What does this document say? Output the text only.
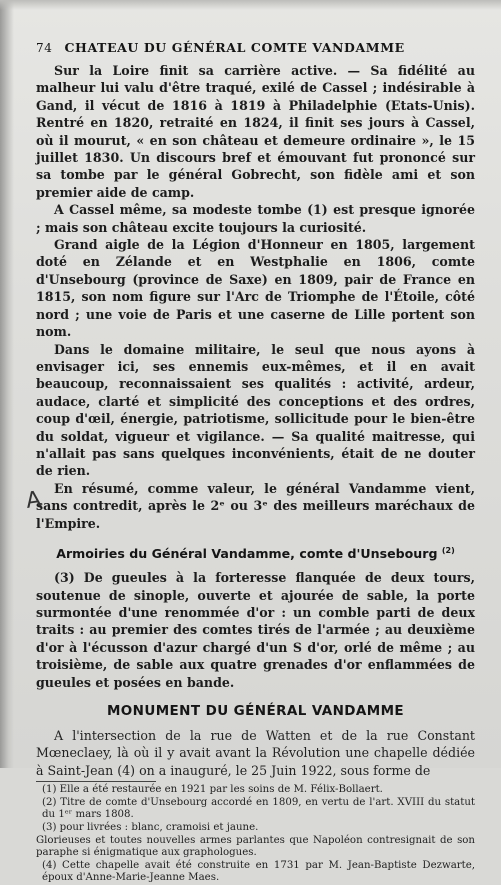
74 CHATEAU DU GÉNÉRAL COMTE VANDAMME

Sur la Loire finit sa carrière active. — Sa fidélité au malheur lui valu d'être traqué, exilé de Cassel ; indésirable à Gand, il vécut de 1816 à 1819 à Philadelphie (Etats-Unis). Rentré en 1820, retraité en 1824, il finit ses jours à Cassel, où il mourut, « en son château et demeure ordinaire », le 15 juillet 1830. Un discours bref et émouvant fut prononcé sur sa tombe par le général Gobrecht, son fidèle ami et son premier aide de camp.

A Cassel même, sa modeste tombe (1) est presque ignorée ; mais son château excite toujours la curiosité.

Grand aigle de la Légion d'Honneur en 1805, largement doté en Zélande et en Westphalie en 1806, comte d'Unsebourg (province de Saxe) en 1809, pair de France en 1815, son nom figure sur l'Arc de Triomphe de l'Étoile, côté nord ; une voie de Paris et une caserne de Lille portent son nom.

Dans le domaine militaire, le seul que nous ayons à envisager ici, ses ennemis eux-mêmes, et il en avait beaucoup, reconnaissaient ses qualités : activité, ardeur, audace, clarté et simplicité des conceptions et des ordres, coup d'œil, énergie, patriotisme, sollicitude pour le bien-être du soldat, vigueur et vigilance. — Sa qualité maitresse, qui n'allait pas sans quelques inconvénients, était de ne douter de rien.

En résumé, comme valeur, le général Vandamme vient, sans contredit, après le 2ᵉ ou 3ᵉ des meilleurs maréchaux de l'Empire.

Armoiries du Général Vandamme, comte d'Unsebourg $^{(2)}$
A

(3) De gueules à la forteresse flanquée de deux tours, soutenue de sinople, ouverte et ajourée de sable, la porte surmontée d'une renommée d'or : un comble parti de deux traits : au premier des comtes tirés de l'armée ; au deuxième d'or à l'écusson d'azur chargé d'un S d'or, orlé de même ; au troisième, de sable aux quatre grenades d'or enflammées de gueules et posées en bande.

MONUMENT DU GÉNÉRAL VANDAMME

A l'intersection de la rue de Watten et de la rue Constant Mœneclaey, là où il y avait avant la Révolution une chapelle dédiée à Saint-Jean (4) on a inauguré, le 25 Juin 1922, sous forme de

(1) Elle a été restaurée en 1921 par les soins de M. Félix-Bollaert.
(2) Titre de comte d'Unsebourg accordé en 1809, en vertu de l'art. XVIII du statut du 1ᵉʳ mars 1808.
(3) pour livrées : blanc, cramoisi et jaune.
Glorieuses et toutes nouvelles armes parlantes que Napoléon contresignait de son paraphe si énigmatique aux graphologues.
(4) Cette chapelle avait été construite en 1731 par M. Jean-Baptiste Dezwarte, époux d'Anne-Marie-Jeanne Maes.
